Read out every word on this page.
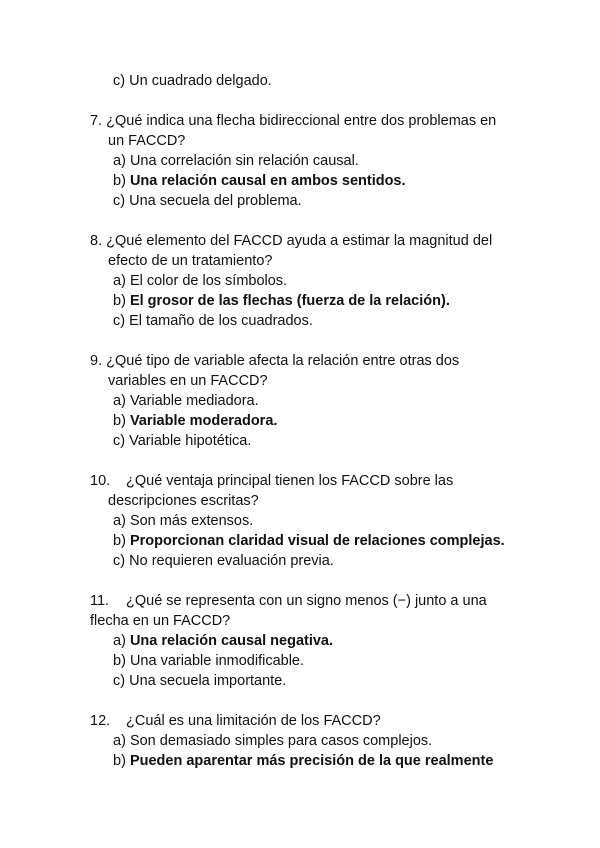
c) Un cuadrado delgado.
7. ¿Qué indica una flecha bidireccional entre dos problemas en
un FACCD?
a) Una correlación sin relación causal.
b) Una relación causal en ambos sentidos.
c) Una secuela del problema.
8. ¿Qué elemento del FACCD ayuda a estimar la magnitud del
efecto de un tratamiento?
a) El color de los símbolos.
b) El grosor de las flechas (fuerza de la relación).
c) El tamaño de los cuadrados.
9. ¿Qué tipo de variable afecta la relación entre otras dos
variables en un FACCD?
a) Variable mediadora.
b) Variable moderadora.
c) Variable hipotética.
10. ¿Qué ventaja principal tienen los FACCD sobre las
descripciones escritas?
a) Son más extensos.
b) Proporcionan claridad visual de relaciones complejas.
c) No requieren evaluación previa.
11. ¿Qué se representa con un signo menos (−) junto a una
flecha en un FACCD?
a) Una relación causal negativa.
b) Una variable inmodificable.
c) Una secuela importante.
12. ¿Cuál es una limitación de los FACCD?
a) Son demasiado simples para casos complejos.
b) Pueden aparentar más precisión de la que realmente
